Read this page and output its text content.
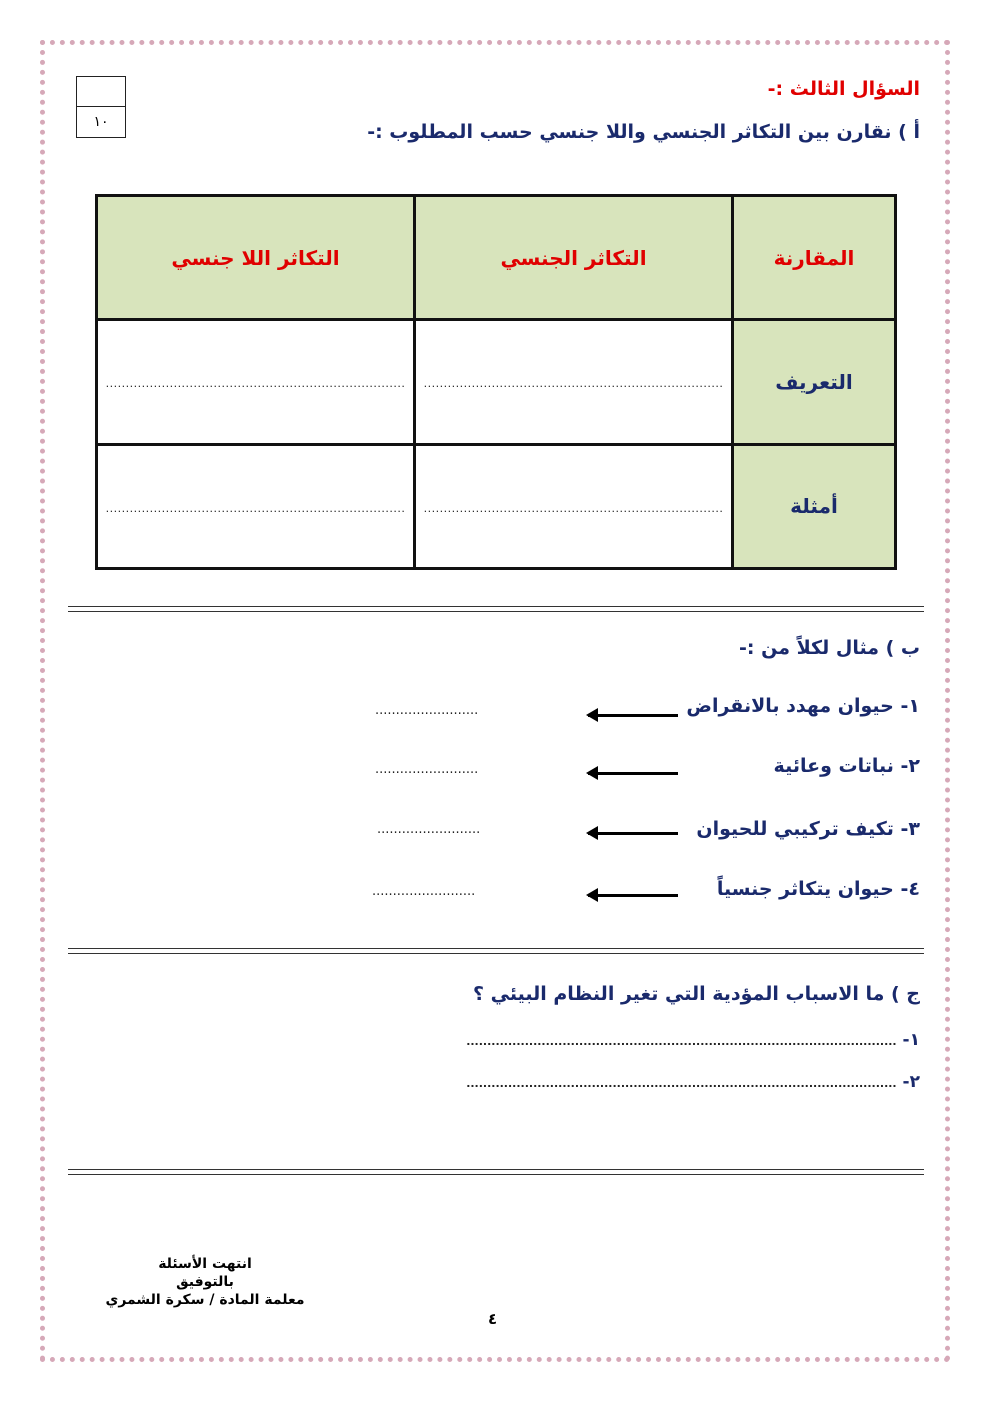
١٠
السؤال الثالث :-
أ ) نقارن بين التكاثر الجنسي واللا جنسي حسب المطلوب :-
المقارنة	التكاثر الجنسي	التكاثر اللا جنسي
التعريف	...........................................................................	...........................................................................
أمثلة	...........................................................................	...........................................................................
ب ) مثال لكلاً من :-
١- حيوان مهدد بالانقراض
.........................
٢- نباتات وعائية
.........................
٣- تكيف تركيبي للحيوان
.........................
٤- حيوان يتكاثر جنسياً
.........................
ج ) ما الاسباب المؤدية التي تغير النظام البيئي ؟
١- .......................................................................................................
٢- .......................................................................................................
انتهت الأسئلة
بالتوفيق
معلمة المادة / سكرة الشمري
٤
